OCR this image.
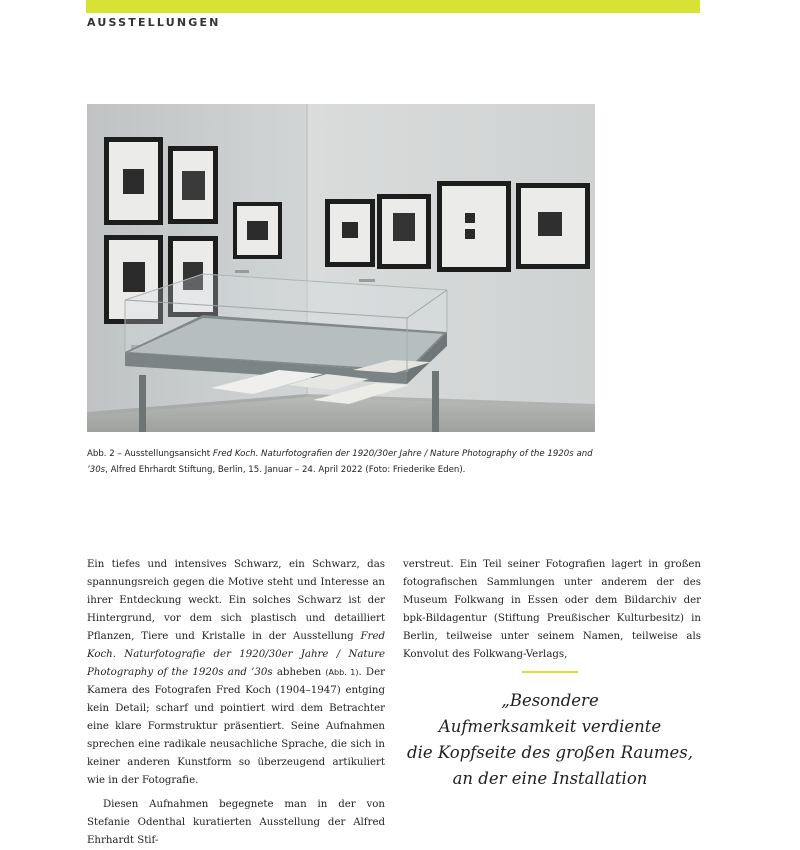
AUSSTELLUNGEN
Abb. 2 – Ausstellungsansicht Fred Koch. Naturfotografien der 1920/30er Jahre / Nature Photography of the 1920s and ’30s, Alfred Ehrhardt Stiftung, Berlin, 15. Januar – 24. April 2022 (Foto: Friederike Eden).

Ein tiefes und intensives Schwarz, ein Schwarz, das spannungsreich gegen die Motive steht und Interesse an ihrer Entdeckung weckt. Ein solches Schwarz ist der Hintergrund, vor dem sich plastisch und detailliert Pflanzen, Tiere und Kristalle in der Ausstellung Fred Koch. Naturfotografie der 1920/30er Jahre / Nature Photography of the 1920s and ’30s abheben (Abb. 1). Der Kamera des Fotografen Fred Koch (1904–1947) entging kein Detail; scharf und pointiert wird dem Betrachter eine klare Formstruktur präsentiert. Seine Aufnahmen sprechen eine radikale neusachliche Sprache, die sich in keiner anderen Kunstform so überzeugend artikuliert wie in der Fotografie.

Diesen Aufnahmen begegnete man in der von Stefanie Odenthal kuratierten Ausstellung der Alfred Ehrhardt Stif-

verstreut. Ein Teil seiner Fotografien lagert in großen fotografischen Sammlungen unter anderem der des Museum Folkwang in Essen oder dem Bildarchiv der bpk-Bildagentur (Stiftung Preußischer Kulturbesitz) in Berlin, teilweise unter seinem Namen, teilweise als Konvolut des Folkwang-Verlags,

„Besondere
Aufmerksamkeit verdiente
die Kopfseite des großen Raumes,
an der eine Installation
